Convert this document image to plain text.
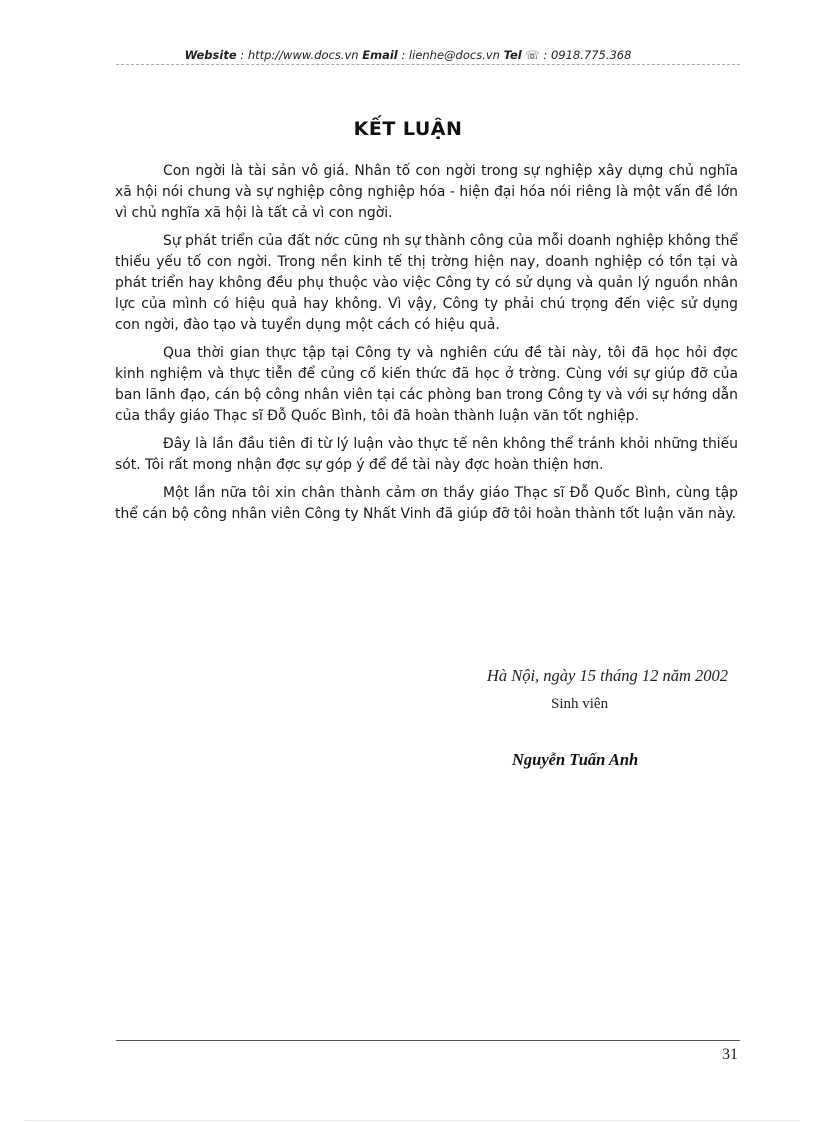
Website : http://www.docs.vn Email : lienhe@docs.vn Tel ☏ : 0918.775.368
KẾT LUẬN

Con ngời là tài sản vô giá. Nhân tố con ngời trong sự nghiệp xây dựng chủ nghĩa xã hội nói chung và sự nghiệp công nghiệp hóa - hiện đại hóa nói riêng là một vấn đề lớn vì chủ nghĩa xã hội là tất cả vì con ngời.

Sự phát triển của đất nớc cũng nh sự thành công của mỗi doanh nghiệp không thể thiếu yếu tố con ngời. Trong nền kinh tế thị trờng hiện nay, doanh nghiệp có tồn tại và phát triển hay không đều phụ thuộc vào việc Công ty có sử dụng và quản lý nguồn nhân lực của mình có hiệu quả hay không. Vì vậy, Công ty phải chú trọng đến việc sử dụng con ngời, đào tạo và tuyển dụng một cách có hiệu quả.

Qua thời gian thực tập tại Công ty và nghiên cứu đề tài này, tôi đã học hỏi đợc kinh nghiệm và thực tiễn để củng cố kiến thức đã học ở trờng. Cùng với sự giúp đỡ của ban lãnh đạo, cán bộ công nhân viên tại các phòng ban trong Công ty và với sự hớng dẫn của thầy giáo Thạc sĩ Đỗ Quốc Bình, tôi đã hoàn thành luận văn tốt nghiệp.

Đây là lần đầu tiên đi từ lý luận vào thực tế nên không thể tránh khỏi những thiếu sót. Tôi rất mong nhận đợc sự góp ý để đề tài này đợc hoàn thiện hơn.

Một lần nữa tôi xin chân thành cảm ơn thầy giáo Thạc sĩ Đỗ Quốc Bình, cùng tập thể cán bộ công nhân viên Công ty Nhất Vinh đã giúp đỡ tôi hoàn thành tốt luận văn này.

Hà Nội, ngày 15 tháng 12 năm 2002
Sinh viên
Nguyễn Tuấn Anh
31
